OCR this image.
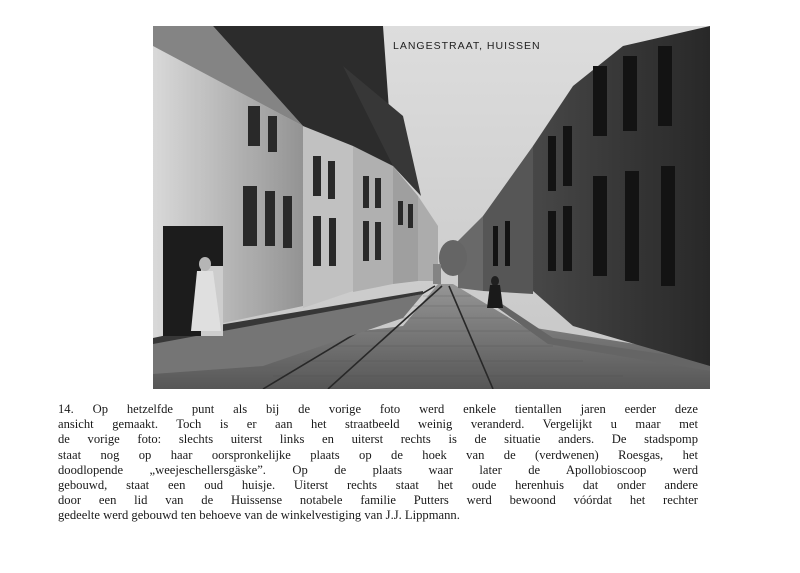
LANGESTRAAT, HUISSEN
14. Op hetzelfde punt als bij de vorige foto werd enkele tientallen jaren eerder deze
ansicht gemaakt. Toch is er aan het straatbeeld weinig veranderd. Vergelijkt u maar met
de vorige foto: slechts uiterst links en uiterst rechts is de situatie anders. De stadspomp
staat nog op haar oorspronkelijke plaats op de hoek van de (verdwenen) Roesgas, het
doodlopende „weejeschellersgäske”. Op de plaats waar later de Apollobioscoop werd
gebouwd, staat een oud huisje. Uiterst rechts staat het oude herenhuis dat onder andere
door een lid van de Huissense notabele familie Putters werd bewoond vóórdat het rechter
gedeelte werd gebouwd ten behoeve van de winkelvestiging van J.J. Lippmann.
